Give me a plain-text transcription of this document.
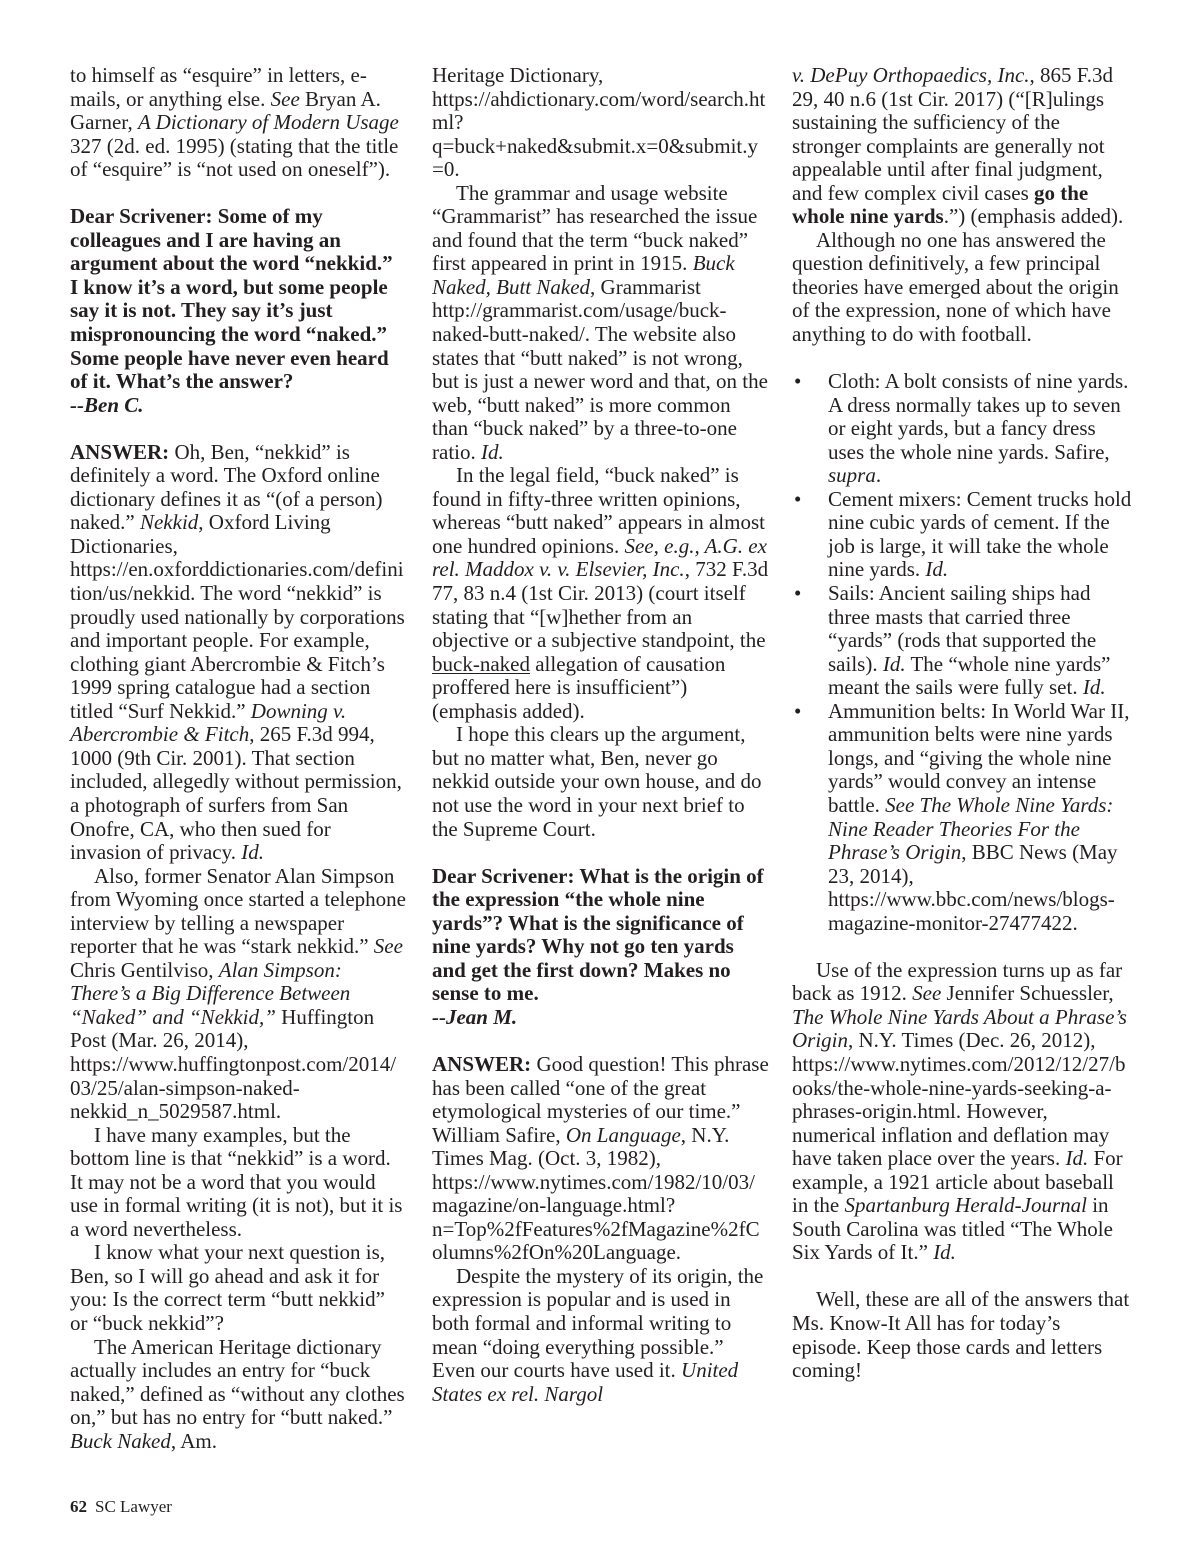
to himself as “esquire” in letters, e-mails, or anything else. See Bryan A. Garner, A Dictionary of Modern Usage 327 (2d. ed. 1995) (stating that the title of “esquire” is “not used on oneself”).

Dear Scrivener: Some of my colleagues and I are having an argument about the word “nekkid.” I know it’s a word, but some people say it is not. They say it’s just mispronouncing the word “naked.” Some people have never even heard of it. What’s the answer?
--Ben C.

ANSWER: Oh, Ben, “nekkid” is definitely a word. The Oxford online dictionary defines it as “(of a person) naked.” Nekkid, Oxford Living Dictionaries, https://en.oxforddictionaries.com/definition/us/nekkid. The word “nekkid” is proudly used nationally by corporations and important people. For example, clothing giant Abercrombie & Fitch’s 1999 spring catalogue had a section titled “Surf Nekkid.” Downing v. Abercrombie & Fitch, 265 F.3d 994, 1000 (9th Cir. 2001). That section included, allegedly without permission, a photograph of surfers from San Onofre, CA, who then sued for invasion of privacy. Id.

Also, former Senator Alan Simpson from Wyoming once started a telephone interview by telling a newspaper reporter that he was “stark nekkid.” See Chris Gentilviso, Alan Simpson: There’s a Big Difference Between “Naked” and “Nekkid,” Huffington Post (Mar. 26, 2014), https://www.huffingtonpost.com/2014/03/25/alan-simpson-naked-nekkid_n_5029587.html.

I have many examples, but the bottom line is that “nekkid” is a word. It may not be a word that you would use in formal writing (it is not), but it is a word nevertheless.

I know what your next question is, Ben, so I will go ahead and ask it for you: Is the correct term “butt nekkid” or “buck nekkid”?

The American Heritage dictionary actually includes an entry for “buck naked,” defined as “without any clothes on,” but has no entry for “butt naked.” Buck Naked, Am.

Heritage Dictionary, https://ahdictionary.com/word/search.html?q=buck+naked&submit.x=0&submit.y=0.

The grammar and usage website “Grammarist” has researched the issue and found that the term “buck naked” first appeared in print in 1915. Buck Naked, Butt Naked, Grammarist http://grammarist.com/usage/buck-naked-butt-naked/. The website also states that “butt naked” is not wrong, but is just a newer word and that, on the web, “butt naked” is more common than “buck naked” by a three-to-one ratio. Id.

In the legal field, “buck naked” is found in fifty-three written opinions, whereas “butt naked” appears in almost one hundred opinions. See, e.g., A.G. ex rel. Maddox v. v. Elsevier, Inc., 732 F.3d 77, 83 n.4 (1st Cir. 2013) (court itself stating that “[w]hether from an objective or a subjective standpoint, the buck-naked allegation of causation proffered here is insufficient”) (emphasis added).

I hope this clears up the argument, but no matter what, Ben, never go nekkid outside your own house, and do not use the word in your next brief to the Supreme Court.

Dear Scrivener: What is the origin of the expression “the whole nine yards”? What is the significance of nine yards? Why not go ten yards and get the first down? Makes no sense to me.
--Jean M.

ANSWER: Good question! This phrase has been called “one of the great etymological mysteries of our time.” William Safire, On Language, N.Y. Times Mag. (Oct. 3, 1982), https://www.nytimes.com/1982/10/03/magazine/on-language.html?n=Top%2fFeatures%2fMagazine%2fColumns%2fOn%20Language.

Despite the mystery of its origin, the expression is popular and is used in both formal and informal writing to mean “doing everything possible.” Even our courts have used it. United States ex rel. Nargol

v. DePuy Orthopaedics, Inc., 865 F.3d 29, 40 n.6 (1st Cir. 2017) (“[R]ulings sustaining the sufficiency of the stronger complaints are generally not appealable until after final judgment, and few complex civil cases go the whole nine yards.”) (emphasis added).

Although no one has answered the question definitively, a few principal theories have emerged about the origin of the expression, none of which have anything to do with football.

• Cloth: A bolt consists of nine yards. A dress normally takes up to seven or eight yards, but a fancy dress uses the whole nine yards. Safire, supra.
• Cement mixers: Cement trucks hold nine cubic yards of cement. If the job is large, it will take the whole nine yards. Id.
• Sails: Ancient sailing ships had three masts that carried three “yards” (rods that supported the sails). Id. The “whole nine yards” meant the sails were fully set. Id.
• Ammunition belts: In World War II, ammunition belts were nine yards longs, and “giving the whole nine yards” would convey an intense battle. See The Whole Nine Yards: Nine Reader Theories For the Phrase’s Origin, BBC News (May 23, 2014), https://www.bbc.com/news/blogs-magazine-monitor-27477422.

Use of the expression turns up as far back as 1912. See Jennifer Schuessler, The Whole Nine Yards About a Phrase’s Origin, N.Y. Times (Dec. 26, 2012), https://www.nytimes.com/2012/12/27/books/the-whole-nine-yards-seeking-a-phrases-origin.html. However, numerical inflation and deflation may have taken place over the years. Id. For example, a 1921 article about baseball in the Spartanburg Herald-Journal in South Carolina was titled “The Whole Six Yards of It.” Id.

Well, these are all of the answers that Ms. Know-It All has for today’s episode. Keep those cards and letters coming!

62 SC Lawyer
